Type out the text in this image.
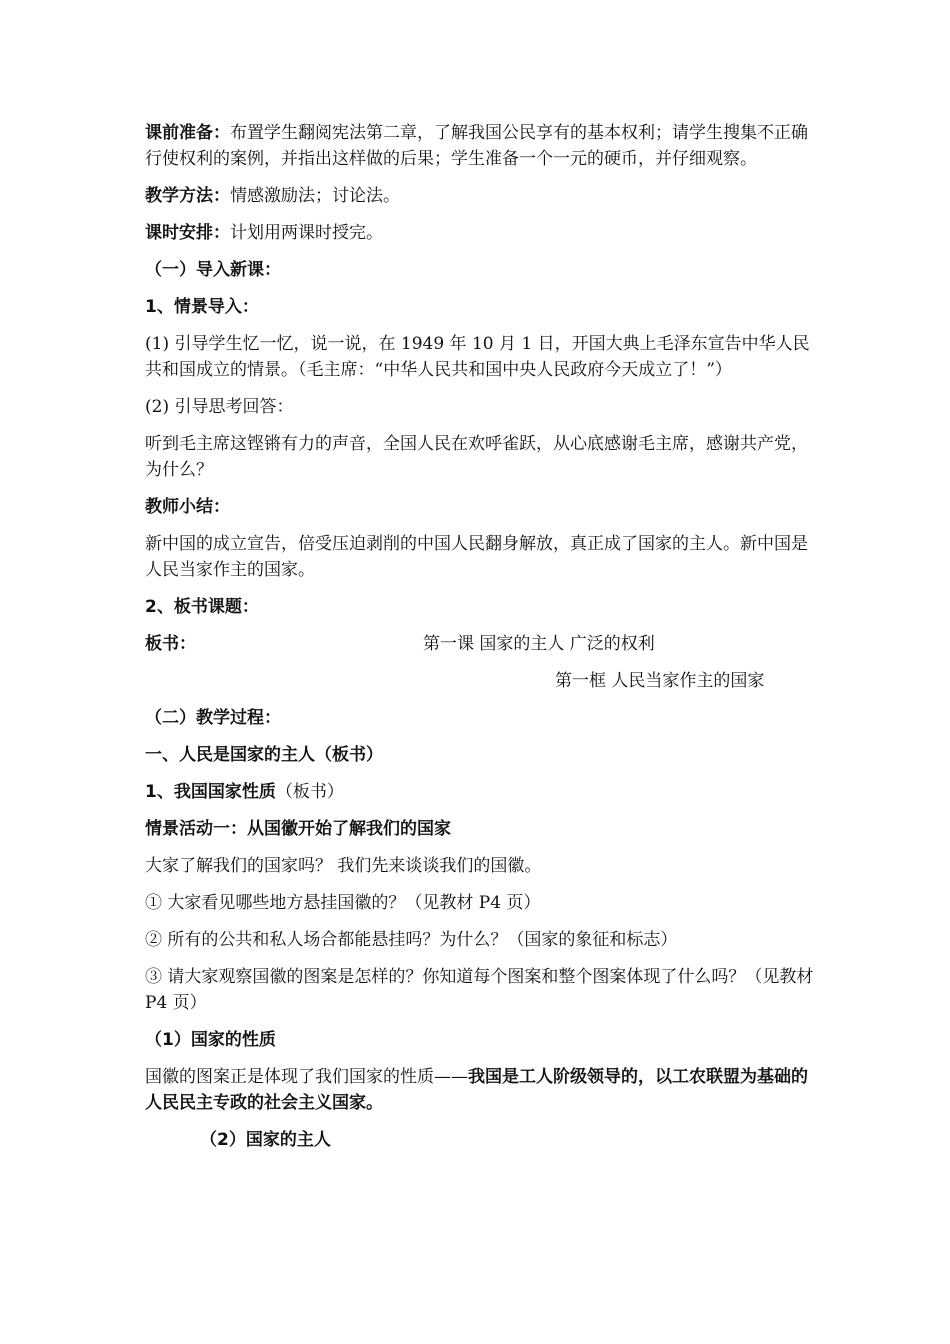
课前准备：布置学生翻阅宪法第二章，了解我国公民享有的基本权利；请学生搜集不正确行使权利的案例，并指出这样做的后果；学生准备一个一元的硬币，并仔细观察。

教学方法：情感激励法；讨论法。

课时安排：计划用两课时授完。

（一）导入新课：

1、情景导入：

(1) 引导学生忆一忆，说一说，在 1949 年 10 月 1 日，开国大典上毛泽东宣告中华人民共和国成立的情景。（毛主席：“中华人民共和国中央人民政府今天成立了！”）

(2) 引导思考回答：

听到毛主席这铿锵有力的声音，全国人民在欢呼雀跃，从心底感谢毛主席，感谢共产党，为什么？

教师小结：

新中国的成立宣告，倍受压迫剥削的中国人民翻身解放，真正成了国家的主人。新中国是人民当家作主的国家。

2、板书课题：

板书：	第一课 国家的主人 广泛的权利
第一框 人民当家作主的国家

（二）教学过程：

一、人民是国家的主人（板书）

1、我国国家性质（板书）

情景活动一：从国徽开始了解我们的国家

大家了解我们的国家吗？ 我们先来谈谈我们的国徽。

① 大家看见哪些地方悬挂国徽的？（见教材 P4 页）

② 所有的公共和私人场合都能悬挂吗？为什么？（国家的象征和标志）

③ 请大家观察国徽的图案是怎样的？你知道每个图案和整个图案体现了什么吗？（见教材 P4 页）

（1）国家的性质

国徽的图案正是体现了我们国家的性质——我国是工人阶级领导的，以工农联盟为基础的人民民主专政的社会主义国家。

（2）国家的主人
